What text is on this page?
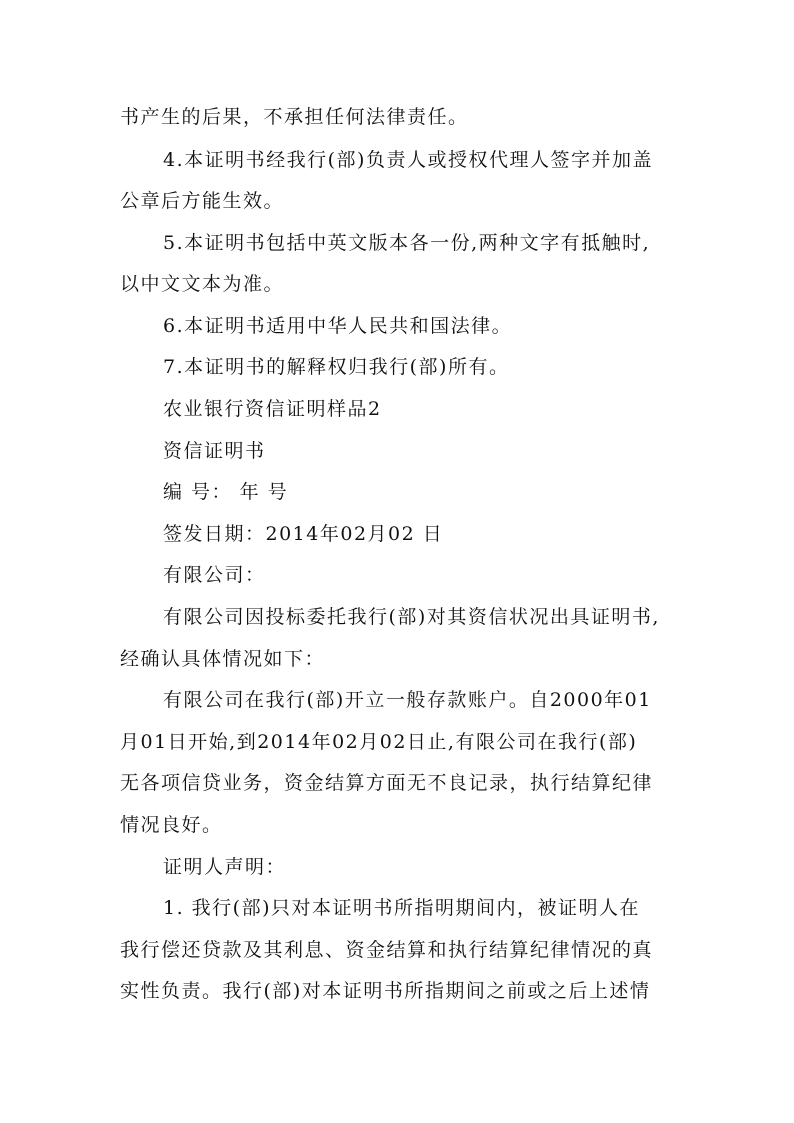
书产生的后果，不承担任何法律责任。
4.本证明书经我行(部)负责人或授权代理人签字并加盖
公章后方能生效。
5.本证明书包括中英文版本各一份,两种文字有抵触时,
以中文文本为准。
6.本证明书适用中华人民共和国法律。
7.本证明书的解释权归我行(部)所有。
农业银行资信证明样品2
资信证明书
编 号： 年 号
签发日期：2014年02月02 日
有限公司：
有限公司因投标委托我行(部)对其资信状况出具证明书,
经确认具体情况如下：
有限公司在我行(部)开立一般存款账户。自2000年01
月01日开始,到2014年02月02日止,有限公司在我行(部)
无各项信贷业务，资金结算方面无不良记录，执行结算纪律
情况良好。
证明人声明：
1. 我行(部)只对本证明书所指明期间内，被证明人在
我行偿还贷款及其利息、资金结算和执行结算纪律情况的真
实性负责。我行(部)对本证明书所指期间之前或之后上述情
